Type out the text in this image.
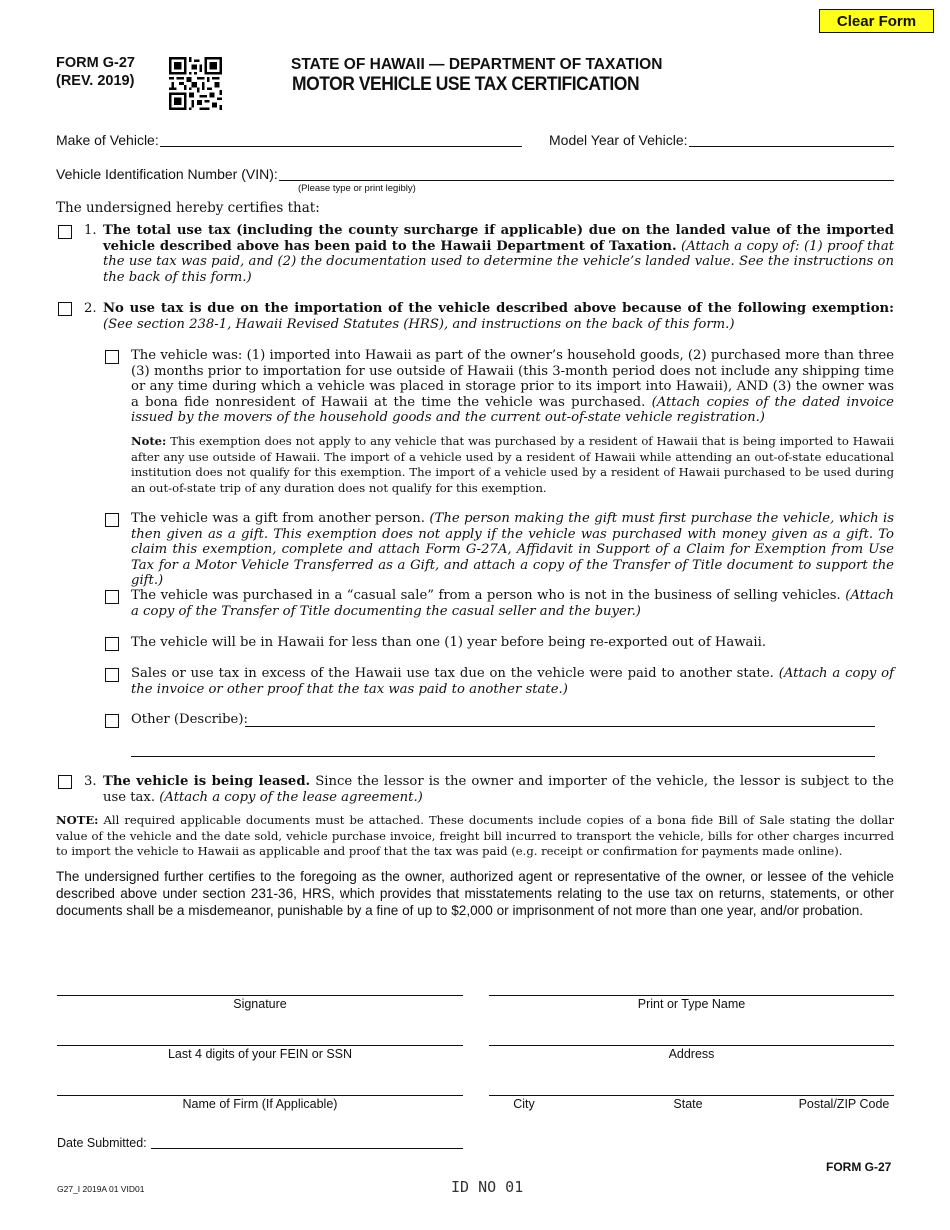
Clear Form
FORM G-27
(REV. 2019)
STATE OF HAWAII — DEPARTMENT OF TAXATION
MOTOR VEHICLE USE TAX CERTIFICATION
Make of Vehicle:	Model Year of Vehicle:
Vehicle Identification Number (VIN):
(Please type or print legibly)
The undersigned hereby certifies that:
1. The total use tax (including the county surcharge if applicable) due on the landed value of the imported vehicle described above has been paid to the Hawaii Department of Taxation. (Attach a copy of: (1) proof that the use tax was paid, and (2) the documentation used to determine the vehicle’s landed value. See the instructions on the back of this form.)
2. No use tax is due on the importation of the vehicle described above because of the following exemption: (See section 238-1, Hawaii Revised Statutes (HRS), and instructions on the back of this form.)
The vehicle was: (1) imported into Hawaii as part of the owner’s household goods, (2) purchased more than three (3) months prior to importation for use outside of Hawaii (this 3-month period does not include any shipping time or any time during which a vehicle was placed in storage prior to its import into Hawaii), AND (3) the owner was a bona fide nonresident of Hawaii at the time the vehicle was purchased. (Attach copies of the dated invoice issued by the movers of the household goods and the current out-of-state vehicle registration.)
Note: This exemption does not apply to any vehicle that was purchased by a resident of Hawaii that is being imported to Hawaii after any use outside of Hawaii. The import of a vehicle used by a resident of Hawaii while attending an out-of-state educational institution does not qualify for this exemption. The import of a vehicle used by a resident of Hawaii purchased to be used during an out-of-state trip of any duration does not qualify for this exemption.
The vehicle was a gift from another person. (The person making the gift must first purchase the vehicle, which is then given as a gift. This exemption does not apply if the vehicle was purchased with money given as a gift. To claim this exemption, complete and attach Form G-27A, Affidavit in Support of a Claim for Exemption from Use Tax for a Motor Vehicle Transferred as a Gift, and attach a copy of the Transfer of Title document to support the gift.)
The vehicle was purchased in a “casual sale” from a person who is not in the business of selling vehicles. (Attach a copy of the Transfer of Title documenting the casual seller and the buyer.)
The vehicle will be in Hawaii for less than one (1) year before being re-exported out of Hawaii.
Sales or use tax in excess of the Hawaii use tax due on the vehicle were paid to another state. (Attach a copy of the invoice or other proof that the tax was paid to another state.)
Other (Describe):
3. The vehicle is being leased. Since the lessor is the owner and importer of the vehicle, the lessor is subject to the use tax. (Attach a copy of the lease agreement.)
NOTE: All required applicable documents must be attached. These documents include copies of a bona fide Bill of Sale stating the dollar value of the vehicle and the date sold, vehicle purchase invoice, freight bill incurred to transport the vehicle, bills for other charges incurred to import the vehicle to Hawaii as applicable and proof that the tax was paid (e.g. receipt or confirmation for payments made online).
The undersigned further certifies to the foregoing as the owner, authorized agent or representative of the owner, or lessee of the vehicle described above under section 231-36, HRS, which provides that misstatements relating to the use tax on returns, statements, or other documents shall be a misdemeanor, punishable by a fine of up to $2,000 or imprisonment of not more than one year, and/or probation.
Signature	Print or Type Name
Last 4 digits of your FEIN or SSN	Address
Name of Firm (If Applicable)	City	State	Postal/ZIP Code
Date Submitted:
FORM G-27
G27_I 2019A 01 VID01	ID NO 01
